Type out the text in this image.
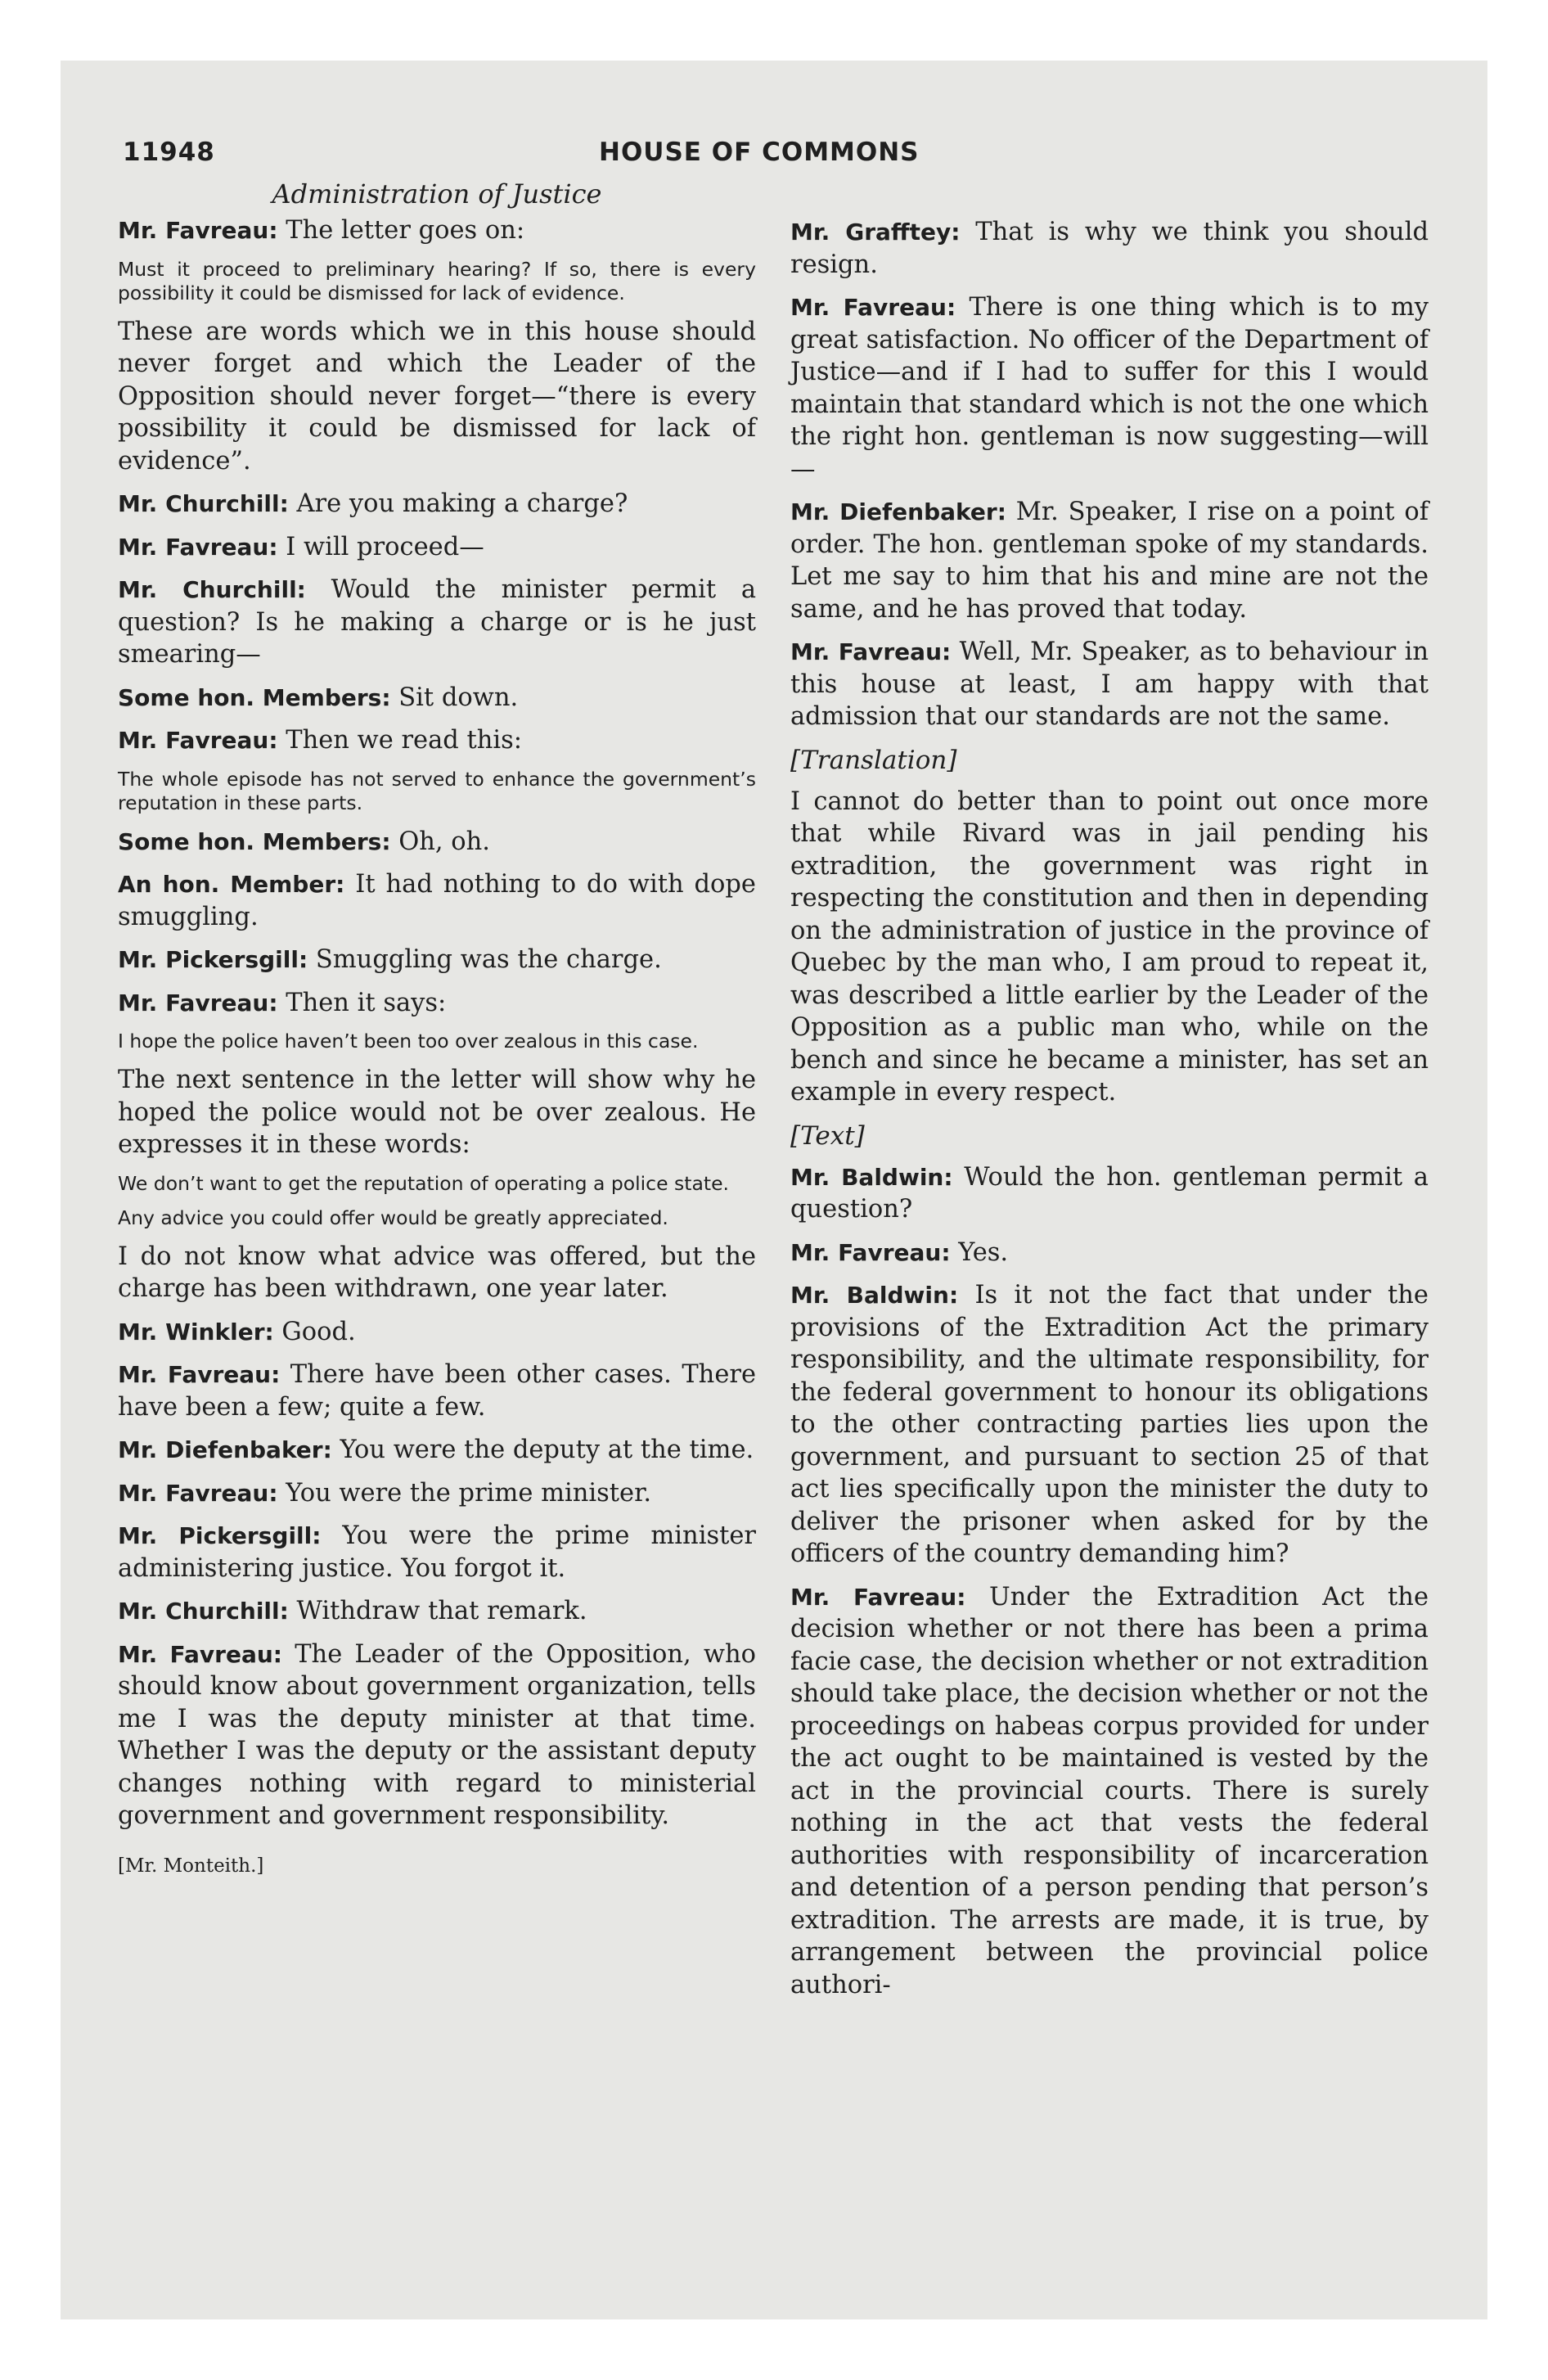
11948	HOUSE OF COMMONS
Administration of Justice

Mr. Favreau: The letter goes on:

Must it proceed to preliminary hearing? If so, there is every possibility it could be dismissed for lack of evidence.

These are words which we in this house should never forget and which the Leader of the Opposition should never forget—“there is every possibility it could be dismissed for lack of evidence”.

Mr. Churchill: Are you making a charge?

Mr. Favreau: I will proceed—

Mr. Churchill: Would the minister permit a question? Is he making a charge or is he just smearing—

Some hon. Members: Sit down.

Mr. Favreau: Then we read this:

The whole episode has not served to enhance the government’s reputation in these parts.

Some hon. Members: Oh, oh.

An hon. Member: It had nothing to do with dope smuggling.

Mr. Pickersgill: Smuggling was the charge.

Mr. Favreau: Then it says:

I hope the police haven’t been too over zealous in this case.

The next sentence in the letter will show why he hoped the police would not be over zealous. He expresses it in these words:

We don’t want to get the reputation of operating a police state.

Any advice you could offer would be greatly appreciated.

I do not know what advice was offered, but the charge has been withdrawn, one year later.

Mr. Winkler: Good.

Mr. Favreau: There have been other cases. There have been a few; quite a few.

Mr. Diefenbaker: You were the deputy at the time.

Mr. Favreau: You were the prime minister.

Mr. Pickersgill: You were the prime minister administering justice. You forgot it.

Mr. Churchill: Withdraw that remark.

Mr. Favreau: The Leader of the Opposition, who should know about government organization, tells me I was the deputy minister at that time. Whether I was the deputy or the assistant deputy changes nothing with regard to ministerial government and government responsibility.

[Mr. Monteith.]

Mr. Grafftey: That is why we think you should resign.

Mr. Favreau: There is one thing which is to my great satisfaction. No officer of the Department of Justice—and if I had to suffer for this I would maintain that standard which is not the one which the right hon. gentleman is now suggesting—will—

Mr. Diefenbaker: Mr. Speaker, I rise on a point of order. The hon. gentleman spoke of my standards. Let me say to him that his and mine are not the same, and he has proved that today.

Mr. Favreau: Well, Mr. Speaker, as to behaviour in this house at least, I am happy with that admission that our standards are not the same.

[Translation]

I cannot do better than to point out once more that while Rivard was in jail pending his extradition, the government was right in respecting the constitution and then in depending on the administration of justice in the province of Quebec by the man who, I am proud to repeat it, was described a little earlier by the Leader of the Opposition as a public man who, while on the bench and since he became a minister, has set an example in every respect.

[Text]

Mr. Baldwin: Would the hon. gentleman permit a question?

Mr. Favreau: Yes.

Mr. Baldwin: Is it not the fact that under the provisions of the Extradition Act the primary responsibility, and the ultimate responsibility, for the federal government to honour its obligations to the other contracting parties lies upon the government, and pursuant to section 25 of that act lies specifically upon the minister the duty to deliver the prisoner when asked for by the officers of the country demanding him?

Mr. Favreau: Under the Extradition Act the decision whether or not there has been a prima facie case, the decision whether or not extradition should take place, the decision whether or not the proceedings on habeas corpus provided for under the act ought to be maintained is vested by the act in the provincial courts. There is surely nothing in the act that vests the federal authorities with responsibility of incarceration and detention of a person pending that person’s extradition. The arrests are made, it is true, by arrangement between the provincial police authori-
